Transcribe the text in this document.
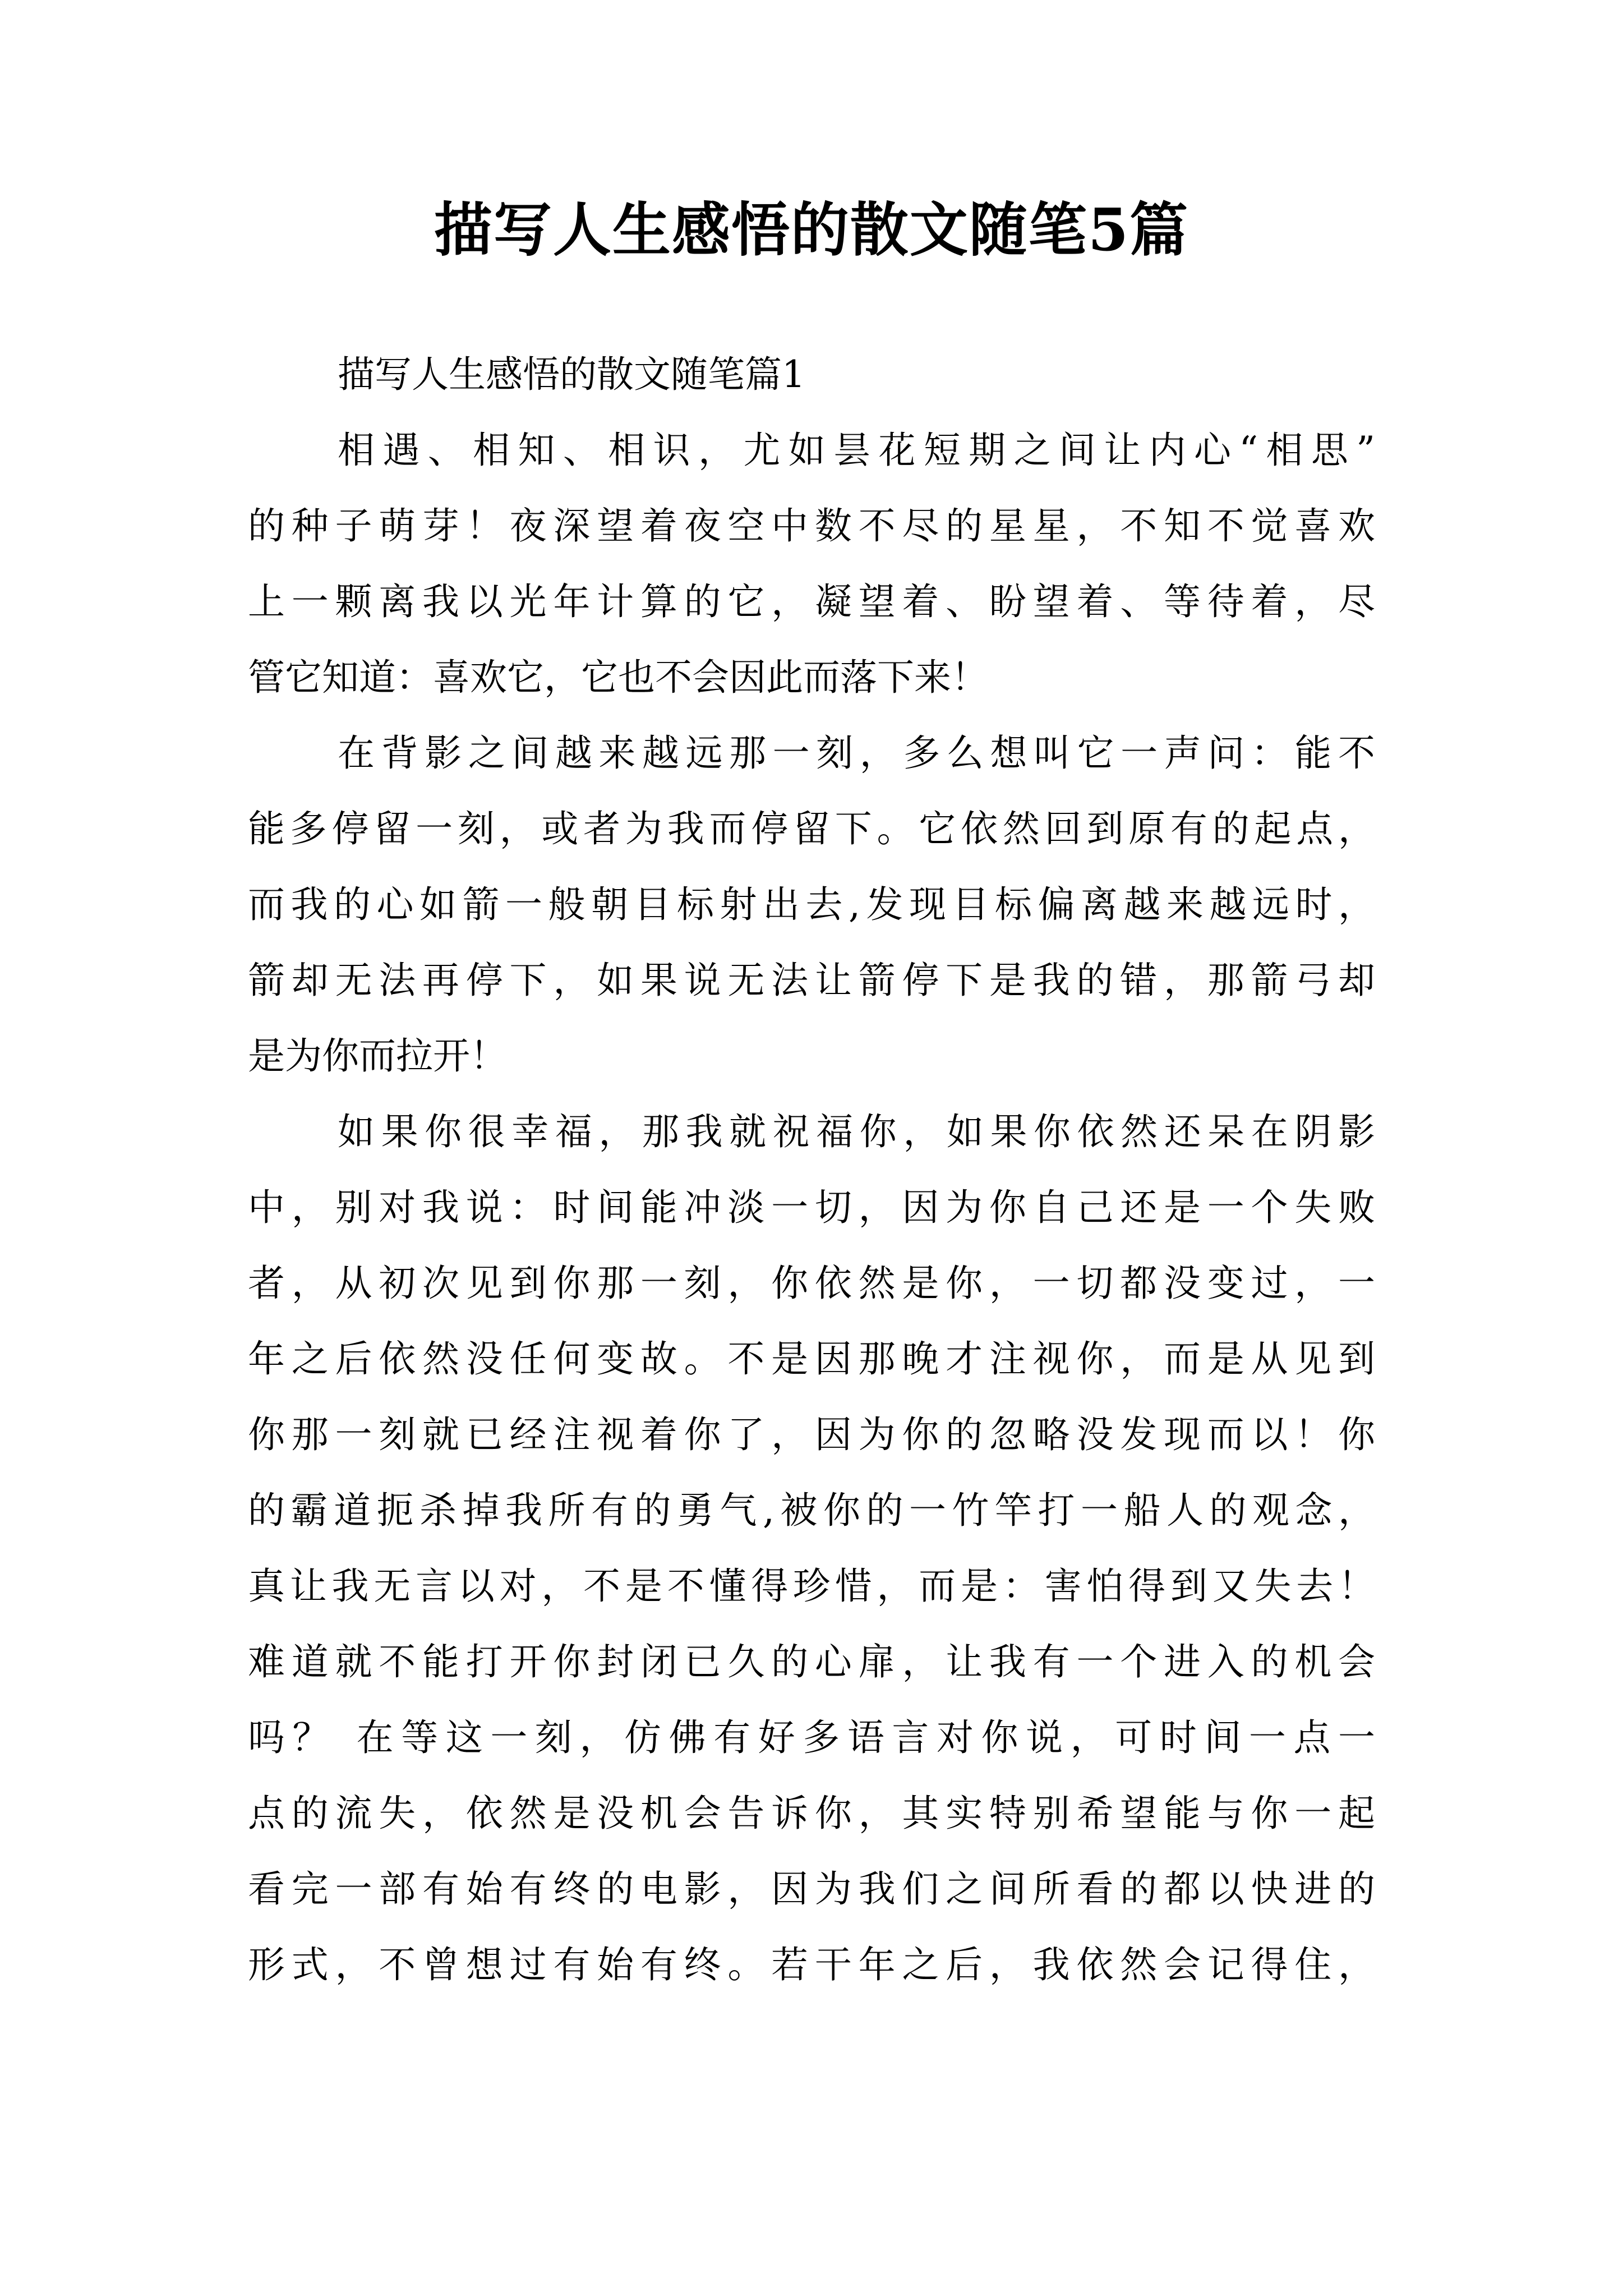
描写人生感悟的散文随笔5篇
描写人生感悟的散文随笔篇1
相遇、相知、相识，尤如昙花短期之间让内心“相思”
的种子萌芽！夜深望着夜空中数不尽的星星，不知不觉喜欢
上一颗离我以光年计算的它，凝望着、盼望着、等待着，尽
管它知道：喜欢它，它也不会因此而落下来！
在背影之间越来越远那一刻，多么想叫它一声问：能不
能多停留一刻，或者为我而停留下。它依然回到原有的起点，
而我的心如箭一般朝目标射出去,发现目标偏离越来越远时，
箭却无法再停下，如果说无法让箭停下是我的错，那箭弓却
是为你而拉开！
如果你很幸福，那我就祝福你，如果你依然还呆在阴影
中，别对我说：时间能冲淡一切，因为你自己还是一个失败
者，从初次见到你那一刻，你依然是你，一切都没变过，一
年之后依然没任何变故。不是因那晚才注视你，而是从见到
你那一刻就已经注视着你了，因为你的忽略没发现而以！你
的霸道扼杀掉我所有的勇气,被你的一竹竿打一船人的观念，
真让我无言以对，不是不懂得珍惜，而是：害怕得到又失去！
难道就不能打开你封闭已久的心扉，让我有一个进入的机会
吗？ 在等这一刻，仿佛有好多语言对你说，可时间一点一
点的流失，依然是没机会告诉你，其实特别希望能与你一起
看完一部有始有终的电影，因为我们之间所看的都以快进的
形式，不曾想过有始有终。若干年之后，我依然会记得住，
